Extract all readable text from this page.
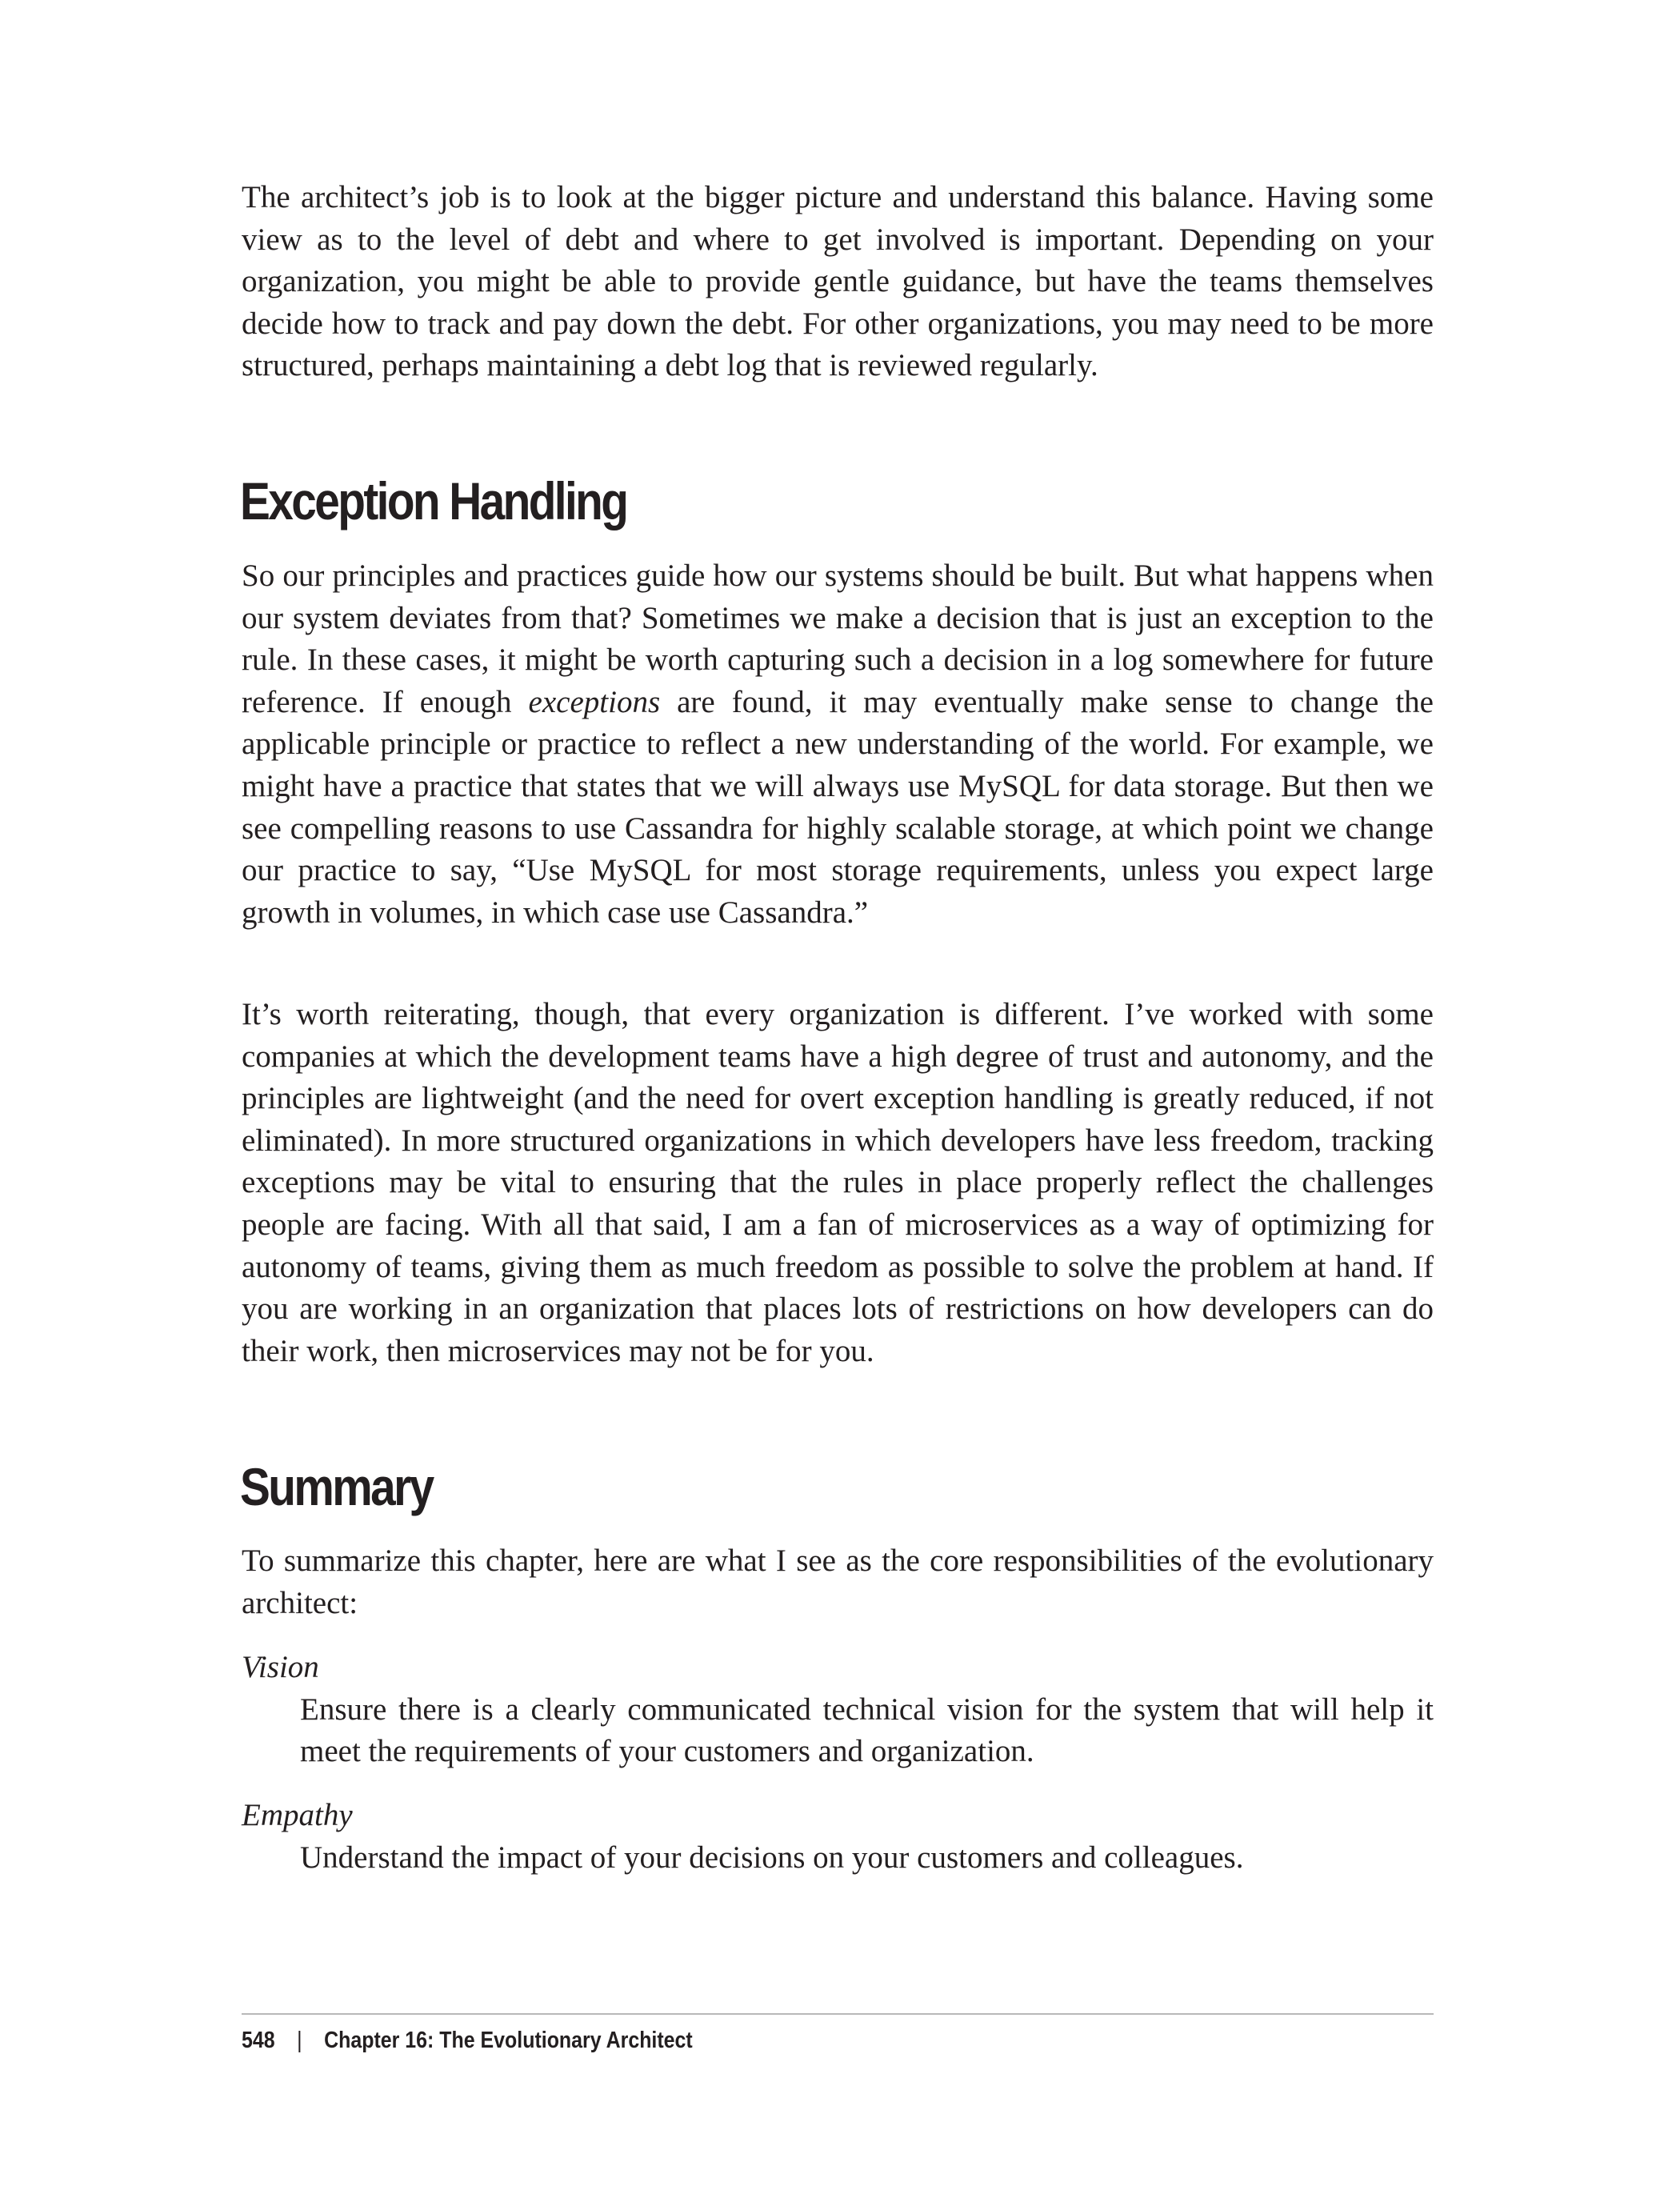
The architect’s job is to look at the bigger picture and understand this balance. Having some view as to the level of debt and where to get involved is important. Depending on your organization, you might be able to provide gentle guidance, but have the teams themselves decide how to track and pay down the debt. For other organizations, you may need to be more structured, perhaps maintaining a debt log that is reviewed regularly.

Exception Handling

So our principles and practices guide how our systems should be built. But what happens when our system deviates from that? Sometimes we make a decision that is just an exception to the rule. In these cases, it might be worth capturing such a decision in a log somewhere for future reference. If enough exceptions are found, it may eventually make sense to change the applicable principle or practice to reflect a new understanding of the world. For example, we might have a practice that states that we will always use MySQL for data storage. But then we see compelling reasons to use Cassandra for highly scalable storage, at which point we change our practice to say, “Use MySQL for most storage requirements, unless you expect large growth in volumes, in which case use Cassandra.”

It’s worth reiterating, though, that every organization is different. I’ve worked with some companies at which the development teams have a high degree of trust and autonomy, and the principles are lightweight (and the need for overt exception handling is greatly reduced, if not eliminated). In more structured organizations in which developers have less freedom, tracking exceptions may be vital to ensuring that the rules in place properly reflect the challenges people are facing. With all that said, I am a fan of microservices as a way of optimizing for autonomy of teams, giving them as much freedom as possible to solve the problem at hand. If you are working in an organization that places lots of restrictions on how developers can do their work, then microservices may not be for you.

Summary

To summarize this chapter, here are what I see as the core responsibilities of the evolutionary architect:

Vision

Ensure there is a clearly communicated technical vision for the system that will help it meet the requirements of your customers and organization.

Empathy

Understand the impact of your decisions on your customers and colleagues.

548 | Chapter 16: The Evolutionary Architect
